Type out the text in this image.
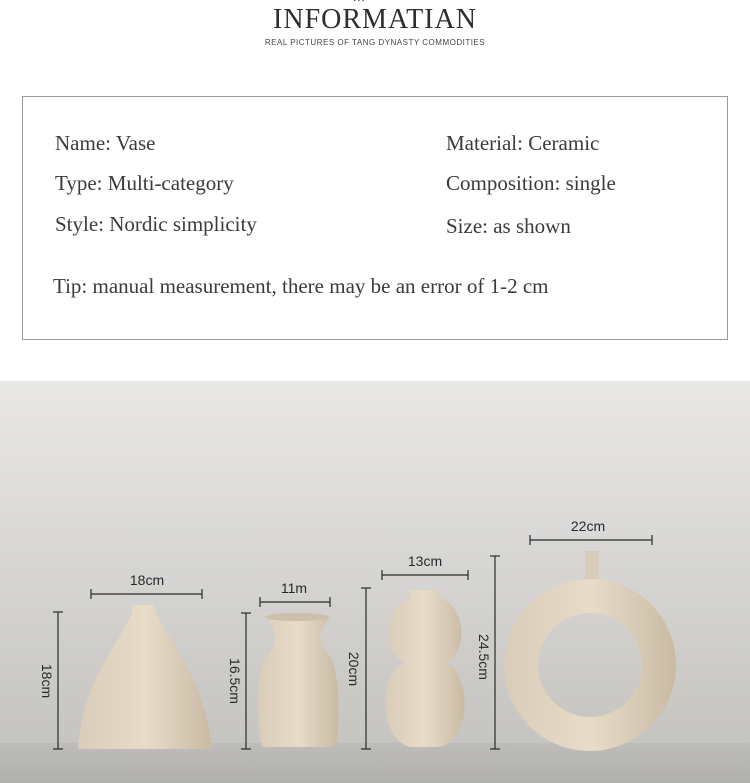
ᐧᐧᐧ
INFORMATIAN
REAL PICTURES OF TANG DYNASTY COMMODITIES
Name: Vase	Material: Ceramic
Type: Multi-category	Composition: single
Style: Nordic simplicity	Size: as shown
Tip: manual measurement, there may be an error of 1-2 cm
18cm
18cm
11m
16.5cm
13cm
20cm
22cm
24.5cm
